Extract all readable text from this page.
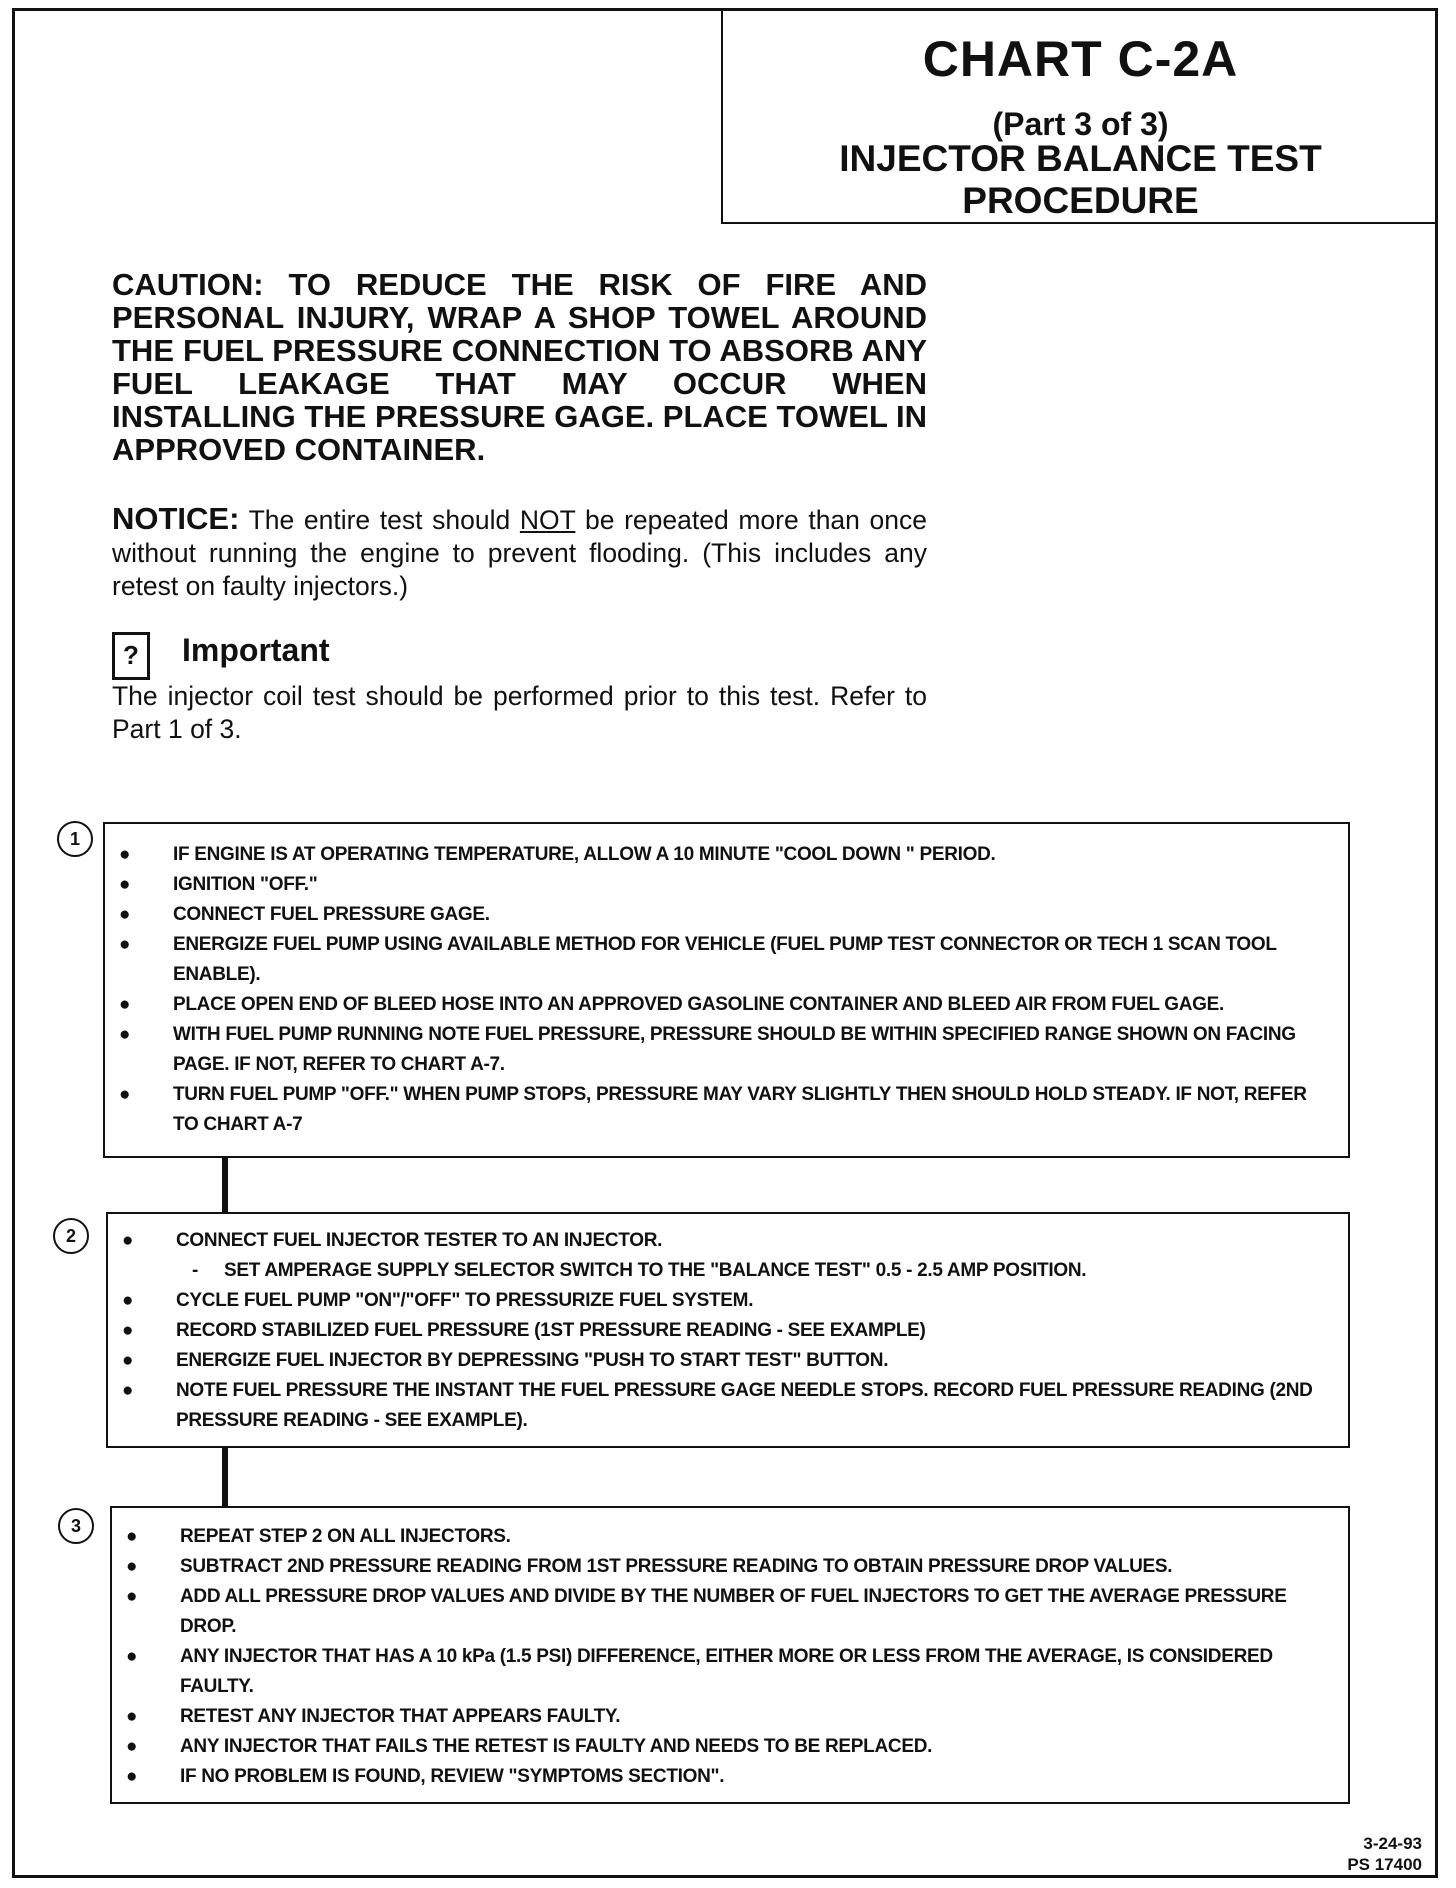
CHART C-2A
(Part 3 of 3)
INJECTOR BALANCE TEST PROCEDURE
CAUTION: TO REDUCE THE RISK OF FIRE AND PERSONAL INJURY, WRAP A SHOP TOWEL AROUND THE FUEL PRESSURE CONNECTION TO ABSORB ANY FUEL LEAKAGE THAT MAY OCCUR WHEN INSTALLING THE PRESSURE GAGE. PLACE TOWEL IN APPROVED CONTAINER.
NOTICE: The entire test should NOT be repeated more than once without running the engine to prevent flooding. (This includes any retest on faulty injectors.)
?	Important
The injector coil test should be performed prior to this test. Refer to Part 1 of 3.
1
● IF ENGINE IS AT OPERATING TEMPERATURE, ALLOW A 10 MINUTE "COOL DOWN " PERIOD.
● IGNITION "OFF."
● CONNECT FUEL PRESSURE GAGE.
● ENERGIZE FUEL PUMP USING AVAILABLE METHOD FOR VEHICLE (FUEL PUMP TEST CONNECTOR OR TECH 1 SCAN TOOL ENABLE).
● PLACE OPEN END OF BLEED HOSE INTO AN APPROVED GASOLINE CONTAINER AND BLEED AIR FROM FUEL GAGE.
● WITH FUEL PUMP RUNNING NOTE FUEL PRESSURE, PRESSURE SHOULD BE WITHIN SPECIFIED RANGE SHOWN ON FACING PAGE. IF NOT, REFER TO CHART A-7.
● TURN FUEL PUMP "OFF." WHEN PUMP STOPS, PRESSURE MAY VARY SLIGHTLY THEN SHOULD HOLD STEADY. IF NOT, REFER TO CHART A-7
2	● CONNECT FUEL INJECTOR TESTER TO AN INJECTOR.
- SET AMPERAGE SUPPLY SELECTOR SWITCH TO THE "BALANCE TEST" 0.5 - 2.5 AMP POSITION.
● CYCLE FUEL PUMP "ON"/"OFF" TO PRESSURIZE FUEL SYSTEM.
● RECORD STABILIZED FUEL PRESSURE (1ST PRESSURE READING - SEE EXAMPLE)
● ENERGIZE FUEL INJECTOR BY DEPRESSING "PUSH TO START TEST" BUTTON.
● NOTE FUEL PRESSURE THE INSTANT THE FUEL PRESSURE GAGE NEEDLE STOPS. RECORD FUEL PRESSURE READING (2ND PRESSURE READING - SEE EXAMPLE).
3	● REPEAT STEP 2 ON ALL INJECTORS.
● SUBTRACT 2ND PRESSURE READING FROM 1ST PRESSURE READING TO OBTAIN PRESSURE DROP VALUES.
● ADD ALL PRESSURE DROP VALUES AND DIVIDE BY THE NUMBER OF FUEL INJECTORS TO GET THE AVERAGE PRESSURE DROP.
● ANY INJECTOR THAT HAS A 10 kPa (1.5 PSI) DIFFERENCE, EITHER MORE OR LESS FROM THE AVERAGE, IS CONSIDERED FAULTY.
● RETEST ANY INJECTOR THAT APPEARS FAULTY.
● ANY INJECTOR THAT FAILS THE RETEST IS FAULTY AND NEEDS TO BE REPLACED.
● IF NO PROBLEM IS FOUND, REVIEW "SYMPTOMS SECTION".
3-24-93
PS 17400
